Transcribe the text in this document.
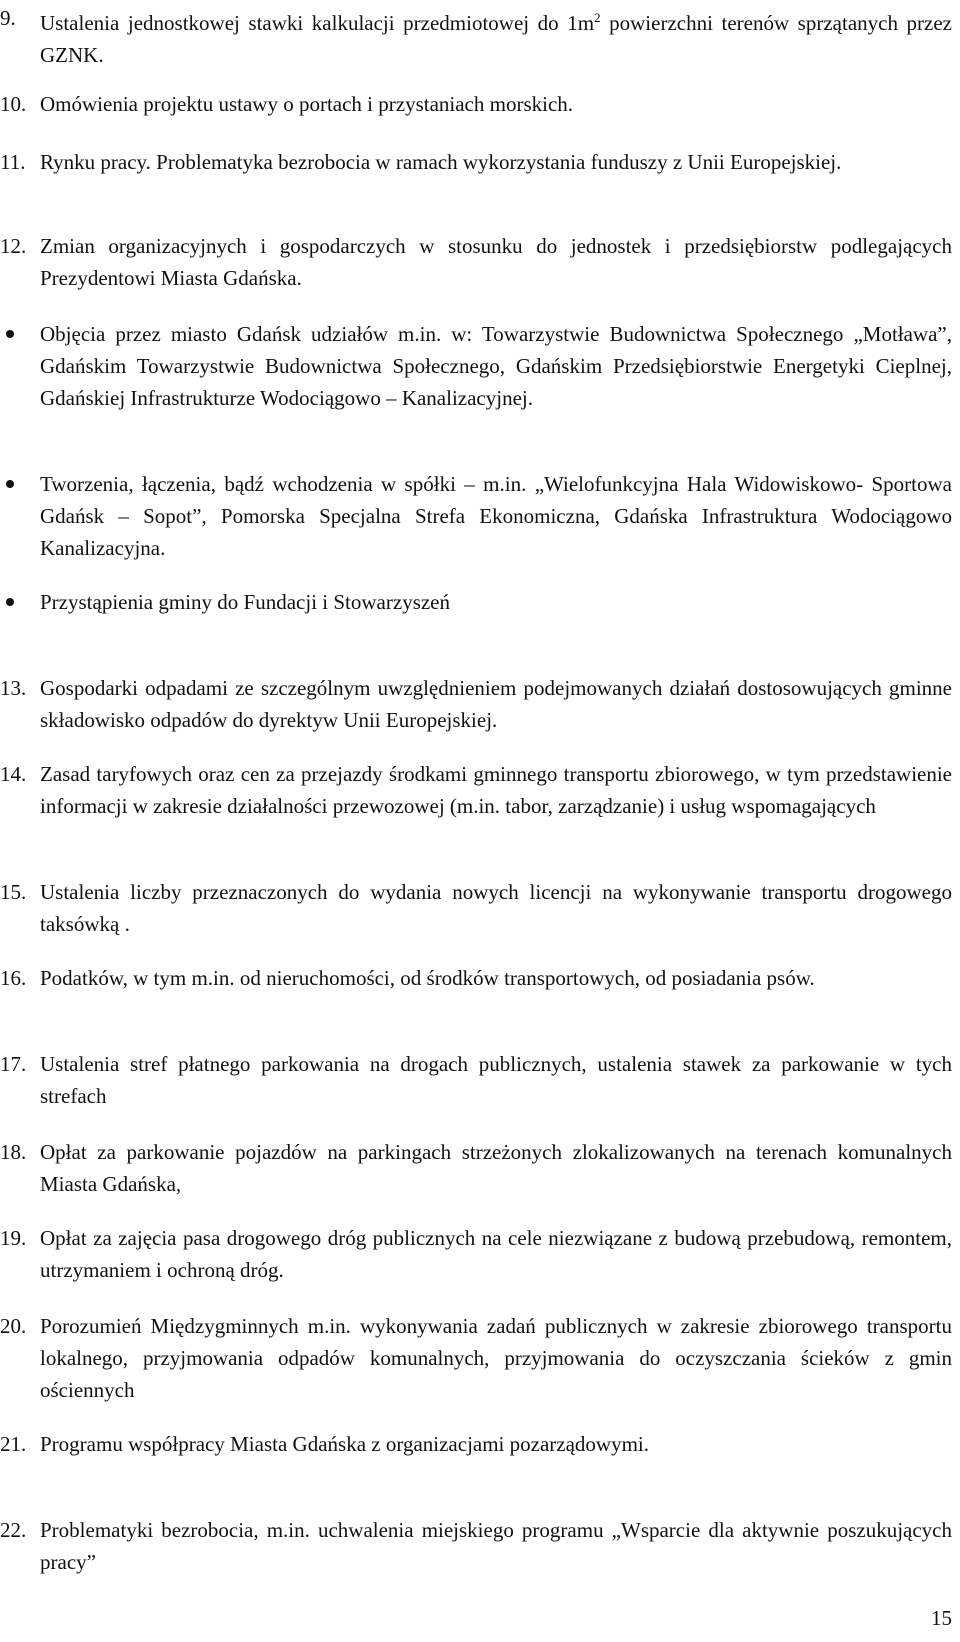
9. Ustalenia jednostkowej stawki kalkulacji przedmiotowej do $1m^2$ powierzchni terenów sprzątanych przez GZNK.
10. Omówienia projektu ustawy o portach i przystaniach morskich.
11. Rynku pracy. Problematyka bezrobocia w ramach wykorzystania funduszy z Unii Europejskiej.
12. Zmian organizacyjnych i gospodarczych w stosunku do jednostek i przedsiębiorstw podlegających Prezydentowi Miasta Gdańska.
Objęcia przez miasto Gdańsk udziałów m.in. w: Towarzystwie Budownictwa Społecznego „Motława”, Gdańskim Towarzystwie Budownictwa Społecznego, Gdańskim Przedsiębiorstwie Energetyki Cieplnej, Gdańskiej Infrastrukturze Wodociągowo – Kanalizacyjnej.
Tworzenia, łączenia, bądź wchodzenia w spółki – m.in. „Wielofunkcyjna Hala Widowiskowo- Sportowa Gdańsk – Sopot”, Pomorska Specjalna Strefa Ekonomiczna, Gdańska Infrastruktura Wodociągowo Kanalizacyjna.
Przystąpienia gminy do Fundacji i Stowarzyszeń
13. Gospodarki odpadami ze szczególnym uwzględnieniem podejmowanych działań dostosowujących gminne składowisko odpadów do dyrektyw Unii Europejskiej.
14. Zasad taryfowych oraz cen za przejazdy środkami gminnego transportu zbiorowego, w tym przedstawienie informacji w zakresie działalności przewozowej (m.in. tabor, zarządzanie) i usług wspomagających
15. Ustalenia liczby przeznaczonych do wydania nowych licencji na wykonywanie transportu drogowego taksówką .
16. Podatków, w tym m.in. od nieruchomości, od środków transportowych, od posiadania psów.
17. Ustalenia stref płatnego parkowania na drogach publicznych, ustalenia stawek za parkowanie w tych strefach
18. Opłat za parkowanie pojazdów na parkingach strzeżonych zlokalizowanych na terenach komunalnych Miasta Gdańska,
19. Opłat za zajęcia pasa drogowego dróg publicznych na cele niezwiązane z budową przebudową, remontem, utrzymaniem i ochroną dróg.
20. Porozumień Międzygminnych m.in. wykonywania zadań publicznych w zakresie zbiorowego transportu lokalnego, przyjmowania odpadów komunalnych, przyjmowania do oczyszczania ścieków z gmin ościennych
21. Programu współpracy Miasta Gdańska z organizacjami pozarządowymi.
22. Problematyki bezrobocia, m.in. uchwalenia miejskiego programu „Wsparcie dla aktywnie poszukujących pracy”
15
